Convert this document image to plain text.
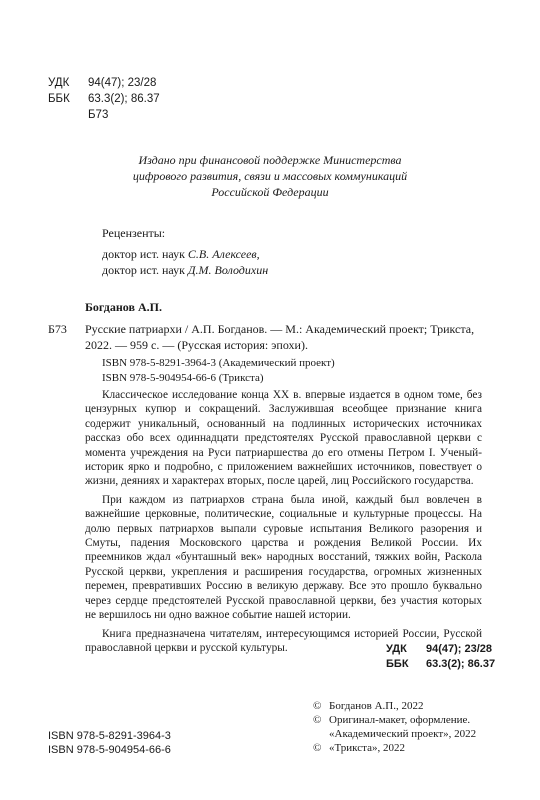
УДК	94(47); 23/28
ББК	63.3(2); 86.37
Б73
Издано при финансовой поддержке Министерства
цифрового развития, связи и массовых коммуникаций
Российской Федерации
Рецензенты:
доктор ист. наук С.В. Алексеев,
доктор ист. наук Д.М. Володихин
Богданов А.П.
Б73 Русские патриархи / А.П. Богданов. — М.: Академический проект; Трикста, 2022. — 959 с. — (Русская история: эпохи).
ISBN 978-5-8291-3964-3 (Академический проект)
ISBN 978-5-904954-66-6 (Трикста)

Классическое исследование конца XX в. впервые издается в одном томе, без цензурных купюр и сокращений. Заслужившая всеобщее признание книга содержит уникальный, основанный на подлинных исторических источниках рассказ обо всех одиннадцати предстоятелях Русской православной церкви с момента учреждения на Руси патриаршества до его отмены Петром I. Ученый-историк ярко и подробно, с приложением важнейших источников, повествует о жизни, деяниях и характерах вторых, после царей, лиц Российского государства.

При каждом из патриархов страна была иной, каждый был вовлечен в важнейшие церковные, политические, социальные и культурные процессы. На долю первых патриархов выпали суровые испытания Великого разорения и Смуты, падения Московского царства и рождения Великой России. Их преемников ждал «бунташный век» народных восстаний, тяжких войн, Раскола Русской церкви, укрепления и расширения государства, огромных жизненных перемен, превративших Россию в великую державу. Все это прошло буквально через сердце предстоятелей Русской православной церкви, без участия которых не вершилось ни одно важное событие нашей истории.

Книга предназначена читателям, интересующимся историей России, Русской православной церкви и русской культуры.	УДК	94(47); 23/28
ББК	63.3(2); 86.37
ISBN 978-5-8291-3964-3
ISBN 978-5-904954-66-6
© Богданов А.П., 2022
© Оригинал-макет, оформление.
«Академический проект», 2022
© «Трикста», 2022
